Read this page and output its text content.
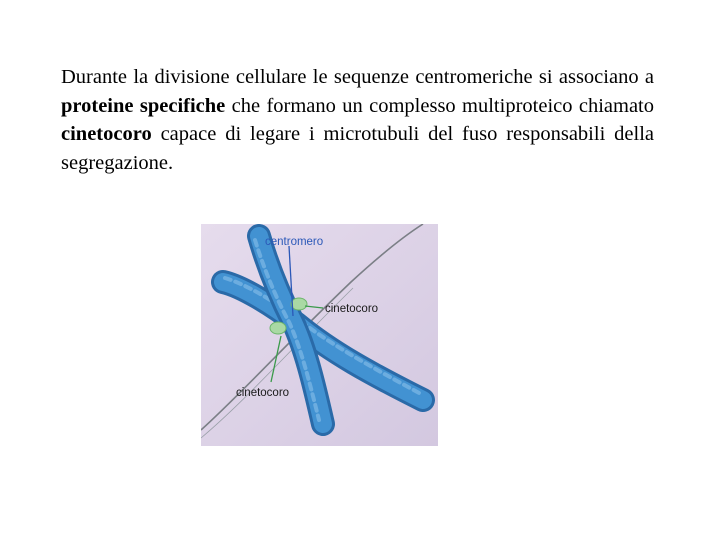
Durante la divisione cellulare le sequenze centromeriche si associano a proteine specifiche che formano un complesso multiproteico chiamato cinetocoro capace di legare i microtubuli del fuso responsabili della segregazione.

centromero
cinetocoro
cinetocoro
